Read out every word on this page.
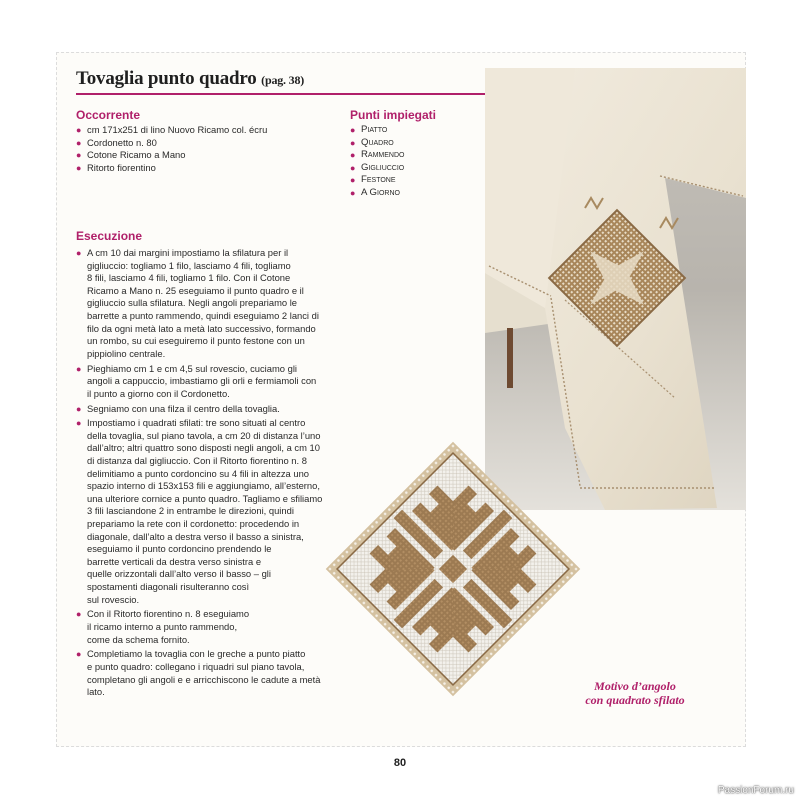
Tovaglia punto quadro (pag. 38)
Occorrente
● cm 171x251 di lino Nuovo Ricamo col. écru
● Cordonetto n. 80
● Cotone Ricamo a Mano
● Ritorto fiorentino
Punti impiegati
● Piatto
● Quadro
● Rammendo
● Gigliuccio
● Festone
● A Giorno
Esecuzione
● A cm 10 dai margini impostiamo la sfilatura per il
gigliuccio: togliamo 1 filo, lasciamo 4 fili, togliamo
8 fili, lasciamo 4 fili, togliamo 1 filo. Con il Cotone
Ricamo a Mano n. 25 eseguiamo il punto quadro e il
gigliuccio sulla sfilatura. Negli angoli prepariamo le
barrette a punto rammendo, quindi eseguiamo 2 lanci di
filo da ogni metà lato a metà lato successivo, formando
un rombo, su cui eseguiremo il punto festone con un
pippiolino centrale.
● Pieghiamo cm 1 e cm 4,5 sul rovescio, cuciamo gli
angoli a cappuccio, imbastiamo gli orli e fermiamoli con
il punto a giorno con il Cordonetto.
● Segniamo con una filza il centro della tovaglia.
● Impostiamo i quadrati sfilati: tre sono situati al centro
della tovaglia, sul piano tavola, a cm 20 di distanza l’uno
dall’altro; altri quattro sono disposti negli angoli, a cm 10
di distanza dal gigliuccio. Con il Ritorto fiorentino n. 8
delimitiamo a punto cordoncino su 4 fili in altezza uno
spazio interno di 153x153 fili e aggiungiamo, all’esterno,
una ulteriore cornice a punto quadro. Tagliamo e sfiliamo
3 fili lasciandone 2 in entrambe le direzioni, quindi
prepariamo la rete con il cordonetto: procedendo in
diagonale, dall’alto a destra verso il basso a sinistra,
eseguiamo il punto cordoncino prendendo le
barrette verticali da destra verso sinistra e
quelle orizzontali dall’alto verso il basso – gli
spostamenti diagonali risulteranno così
sul rovescio.
● Con il Ritorto fiorentino n. 8 eseguiamo
il ricamo interno a punto rammendo,
come da schema fornito.
● Completiamo la tovaglia con le greche a punto piatto
e punto quadro: collegano i riquadri sul piano tavola,
completano gli angoli e e arricchiscono le cadute a metà
lato.	Motivo d’angolo
con quadrato sfilato
80
PassionForum.ru
